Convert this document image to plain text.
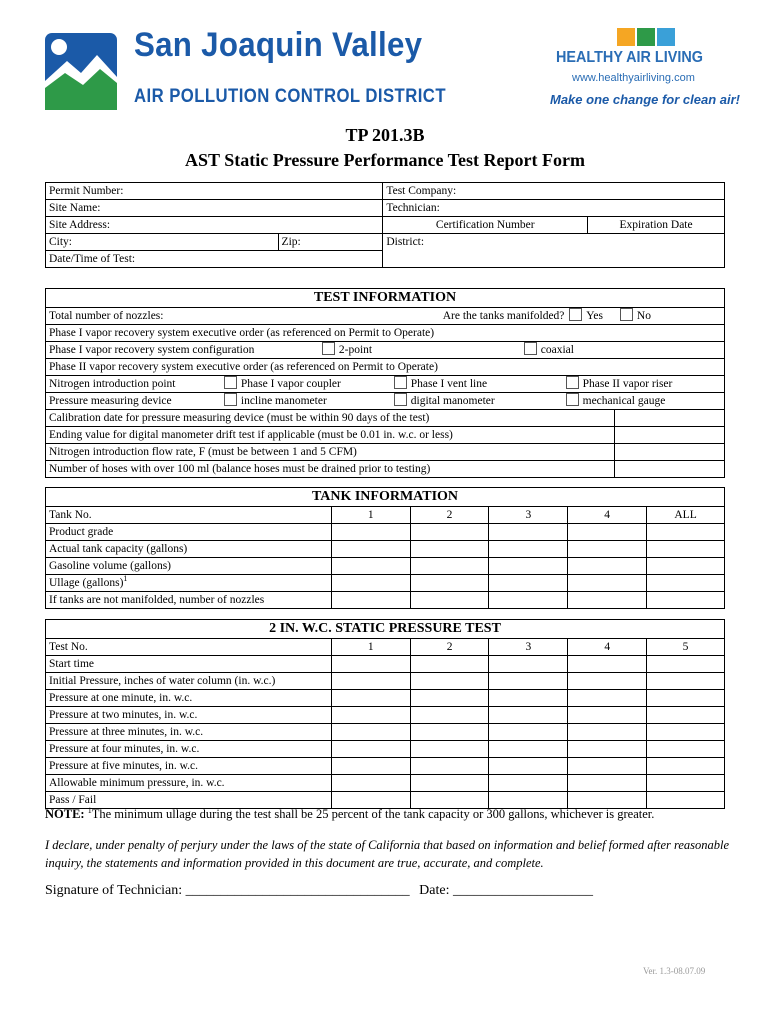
San Joaquin Valley
AIR POLLUTION CONTROL DISTRICT
HEALTHY AIR LIVING
www.healthyairliving.com
Make one change for clean air!
TP 201.3B
AST Static Pressure Performance Test Report Form
Permit Number:		Test Company:	
Site Name:		Technician:	
Site Address:		Certification Number	Expiration Date
City:	Zip:	District:	
Date/Time of Test:			
TEST INFORMATION		
Total number of nozzles:	Are the tanks manifolded? Yes No	
Phase I vapor recovery system executive order (as referenced on Permit to Operate)		
Phase I vapor recovery system configuration 2-point coaxial		
Phase II vapor recovery system executive order (as referenced on Permit to Operate)		
Nitrogen introduction point Phase I vapor coupler Phase I vent line Phase II vapor riser		
Pressure measuring device incline manometer digital manometer mechanical gauge		
Calibration date for pressure measuring device (must be within 90 days of the test)		
Ending value for digital manometer drift test if applicable (must be 0.01 in. w.c. or less)		
Nitrogen introduction flow rate, F (must be between 1 and 5 CFM)		
Number of hoses with over 100 ml (balance hoses must be drained prior to testing)		
TANK INFORMATION					
Tank No.	1	2	3	4	ALL
Product grade					
Actual tank capacity (gallons)					
Gasoline volume (gallons)					
Ullage (gallons)$^1$					
If tanks are not manifolded, number of nozzles					
2 IN. W.C. STATIC PRESSURE TEST					
Test No.	1	2	3	4	5
Start time					
Initial Pressure, inches of water column (in. w.c.)					
Pressure at one minute, in. w.c.					
Pressure at two minutes, in. w.c.					
Pressure at three minutes, in. w.c.					
Pressure at four minutes, in. w.c.					
Pressure at five minutes, in. w.c.					
Allowable minimum pressure, in. w.c.					
Pass / Fail					
NOTE: $^1$The minimum ullage during the test shall be 25 percent of the tank capacity or 300 gallons, whichever is greater.
I declare, under penalty of perjury under the laws of the state of California that based on information and belief formed after reasonable inquiry, the statements and information provided in this document are true, accurate, and complete.
Signature of Technician: ________________________________ Date: ____________________
Ver. 1.3-08.07.09
